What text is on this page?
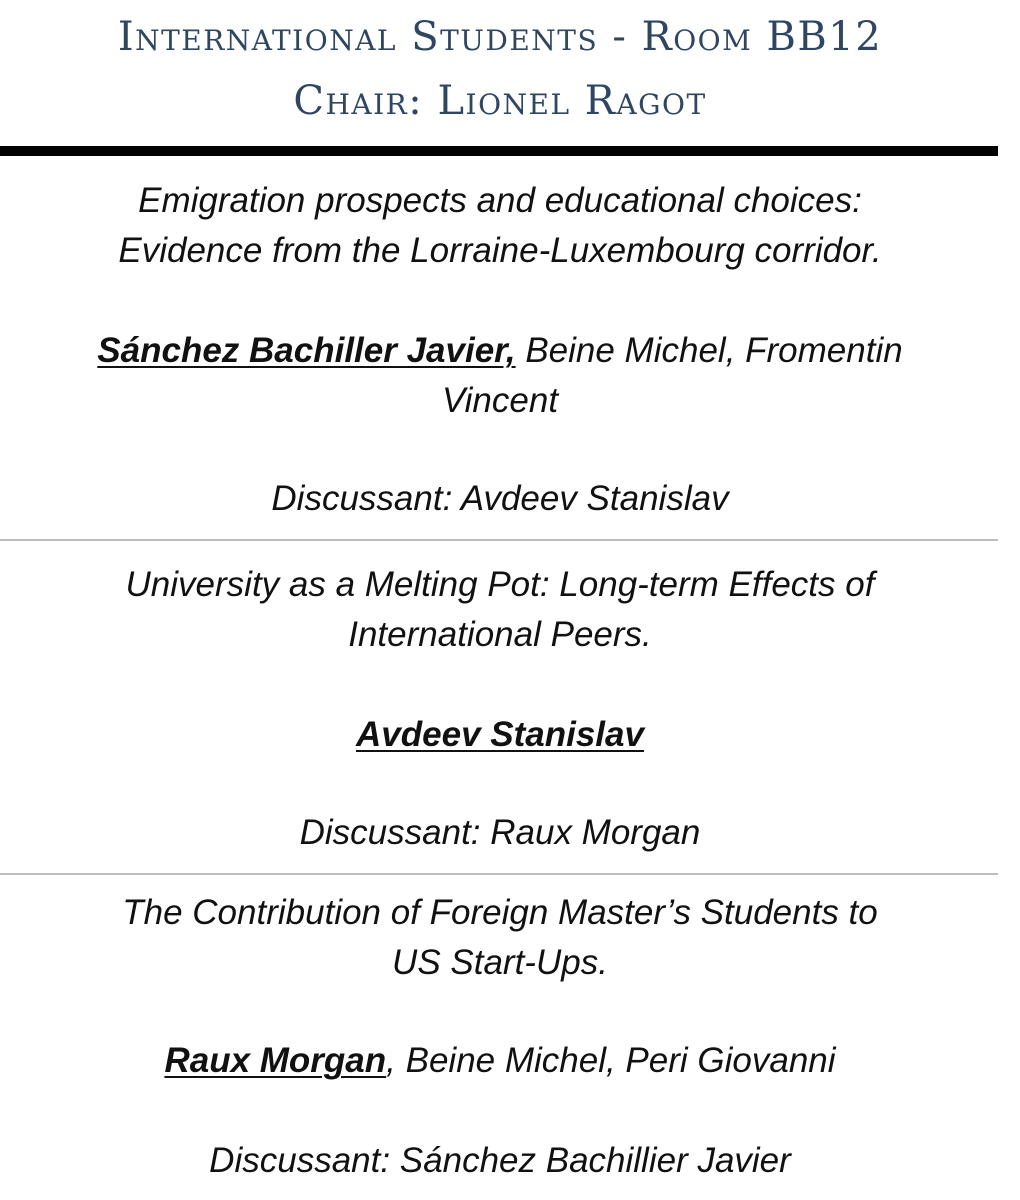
International Students - Room BB12
Chair: Lionel Ragot
Emigration prospects and educational choices:
Evidence from the Lorraine-Luxembourg corridor.
Sánchez Bachiller Javier, Beine Michel, Fromentin
Vincent
Discussant: Avdeev Stanislav
University as a Melting Pot: Long-term Effects of
International Peers.
Avdeev Stanislav
Discussant: Raux Morgan
The Contribution of Foreign Master’s Students to
US Start-Ups.
Raux Morgan, Beine Michel, Peri Giovanni
Discussant: Sánchez Bachillier Javier
